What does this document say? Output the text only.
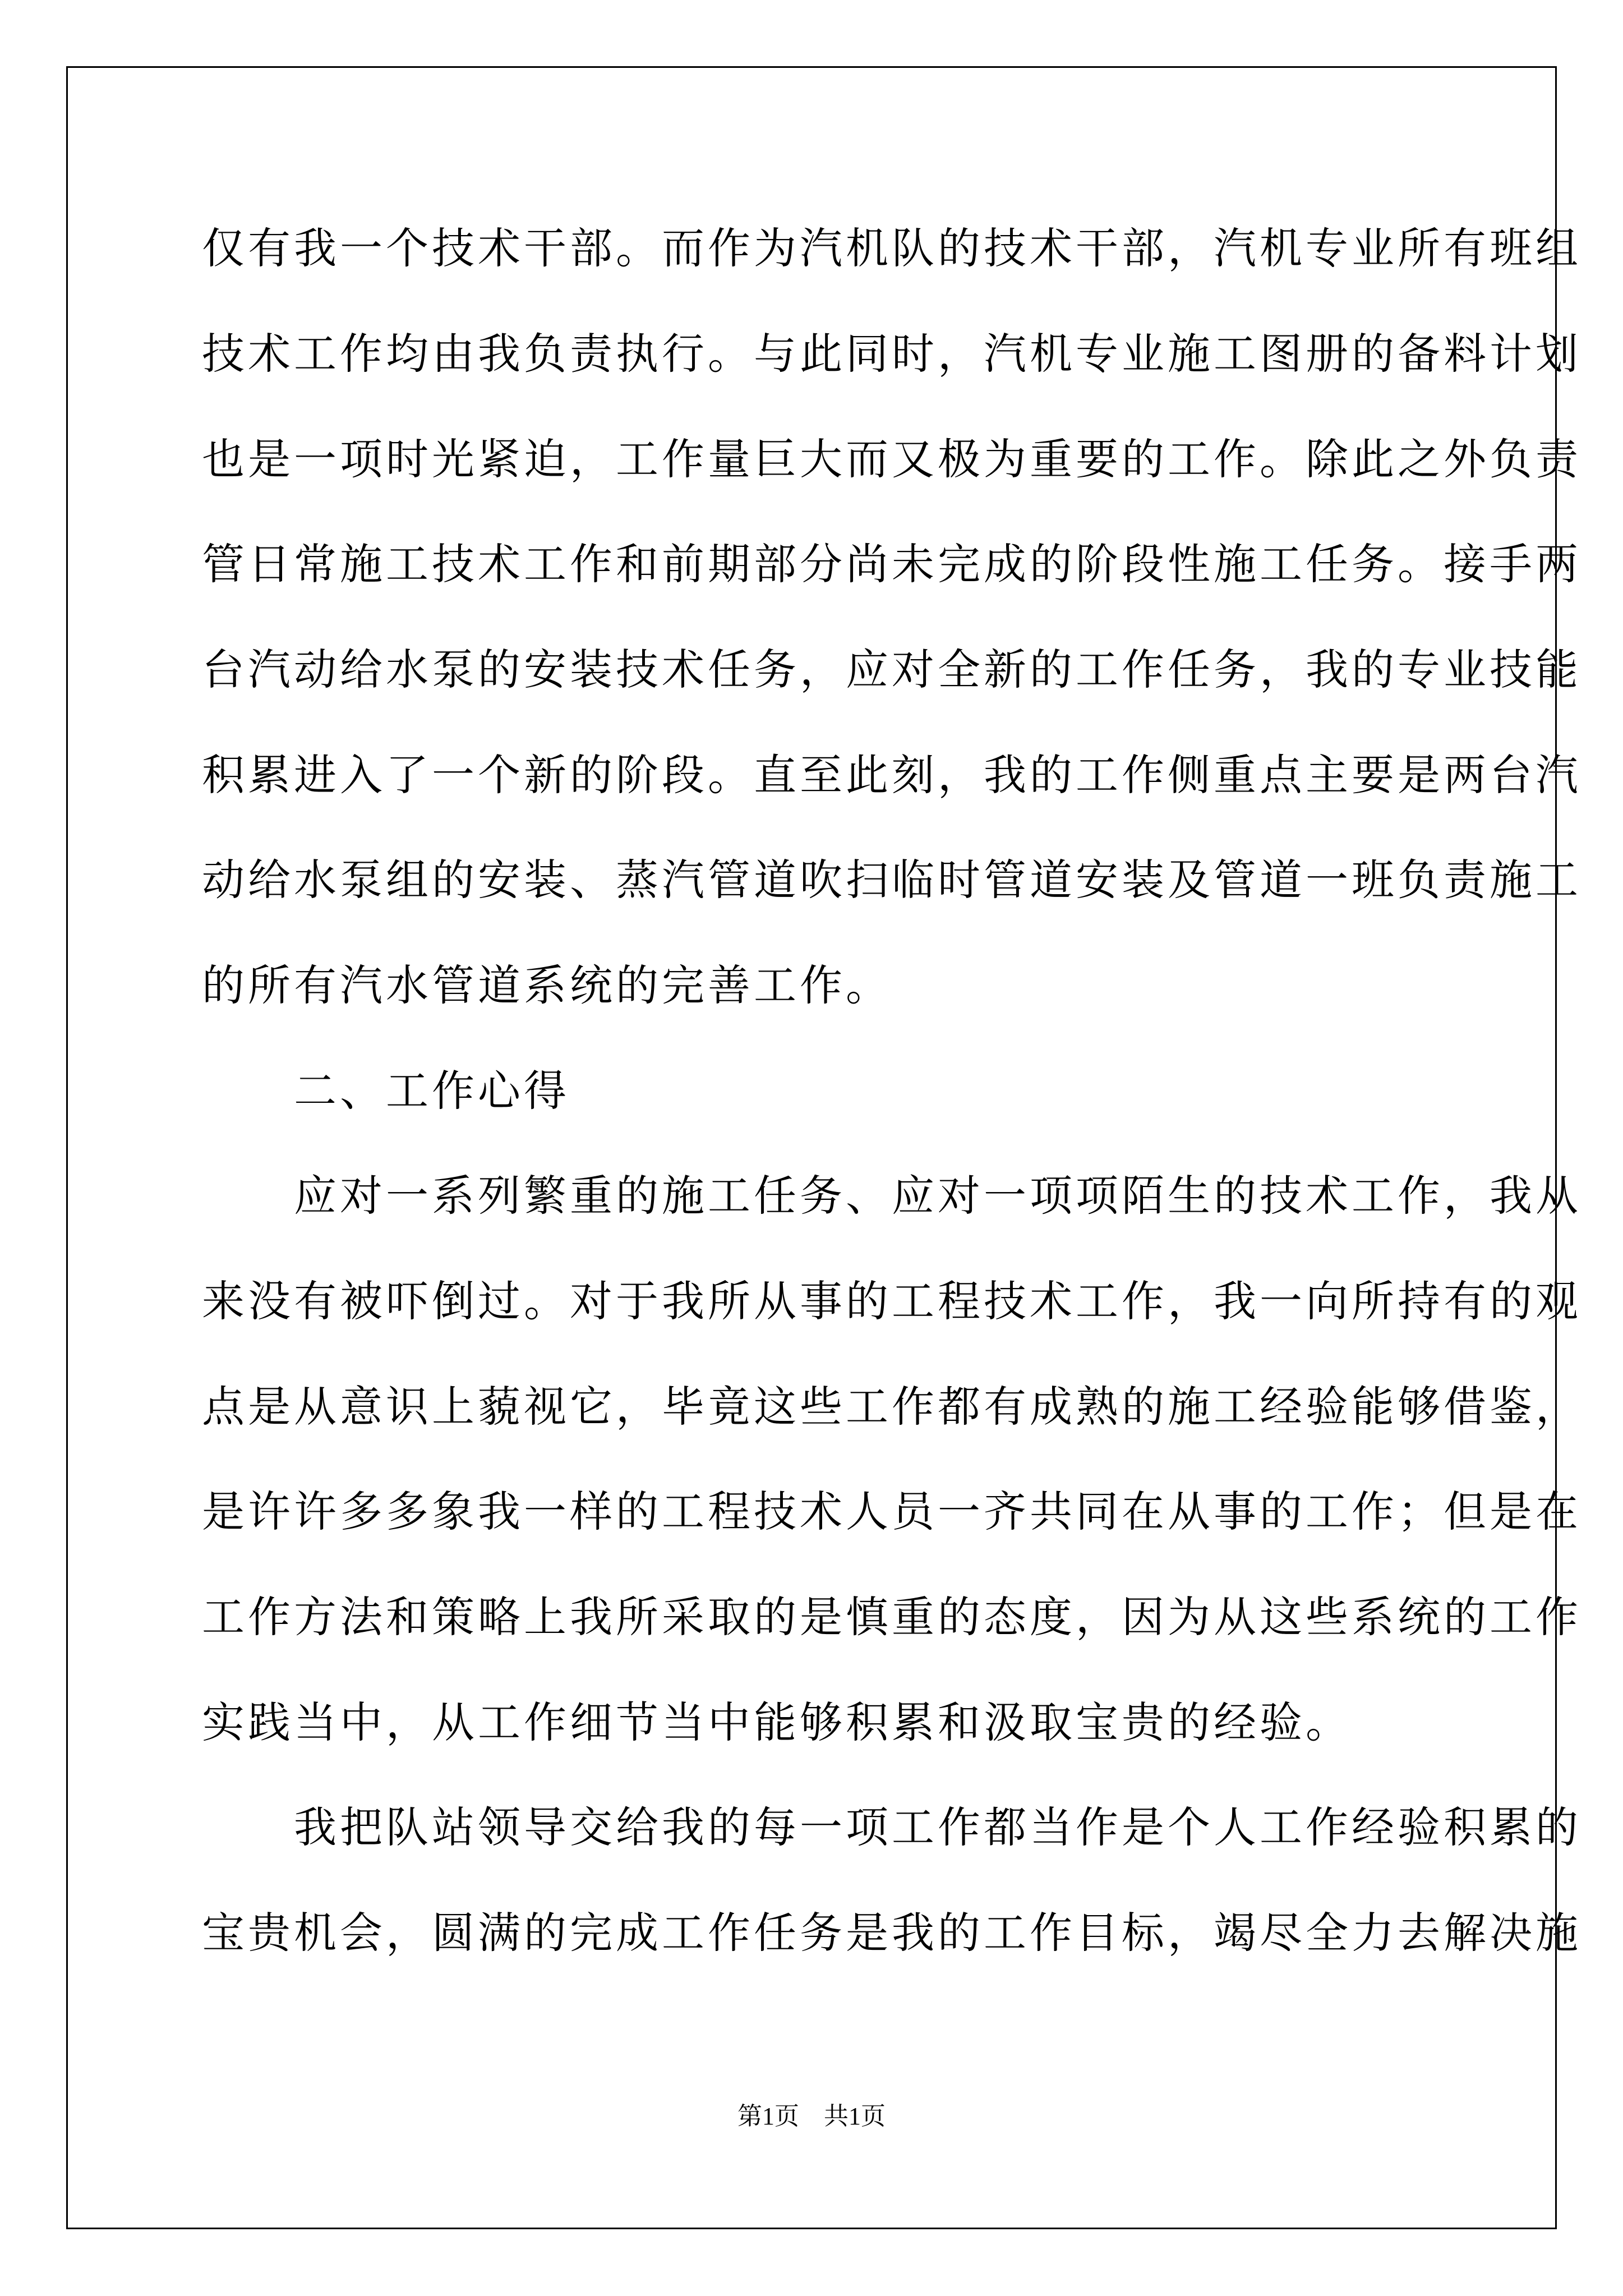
仅有我一个技术干部。而作为汽机队的技术干部，汽机专业所有班组
技术工作均由我负责执行。与此同时，汽机专业施工图册的备料计划
也是一项时光紧迫，工作量巨大而又极为重要的工作。除此之外负责
管日常施工技术工作和前期部分尚未完成的阶段性施工任务。接手两
台汽动给水泵的安装技术任务，应对全新的工作任务，我的专业技能
积累进入了一个新的阶段。直至此刻，我的工作侧重点主要是两台汽
动给水泵组的安装、蒸汽管道吹扫临时管道安装及管道一班负责施工
的所有汽水管道系统的完善工作。
　　二、工作心得
　　应对一系列繁重的施工任务、应对一项项陌生的技术工作，我从
来没有被吓倒过。对于我所从事的工程技术工作，我一向所持有的观
点是从意识上藐视它，毕竟这些工作都有成熟的施工经验能够借鉴，
是许许多多象我一样的工程技术人员一齐共同在从事的工作；但是在
工作方法和策略上我所采取的是慎重的态度，因为从这些系统的工作
实践当中，从工作细节当中能够积累和汲取宝贵的经验。
　　我把队站领导交给我的每一项工作都当作是个人工作经验积累的
宝贵机会，圆满的完成工作任务是我的工作目标，竭尽全力去解决施
第1页　共1页
